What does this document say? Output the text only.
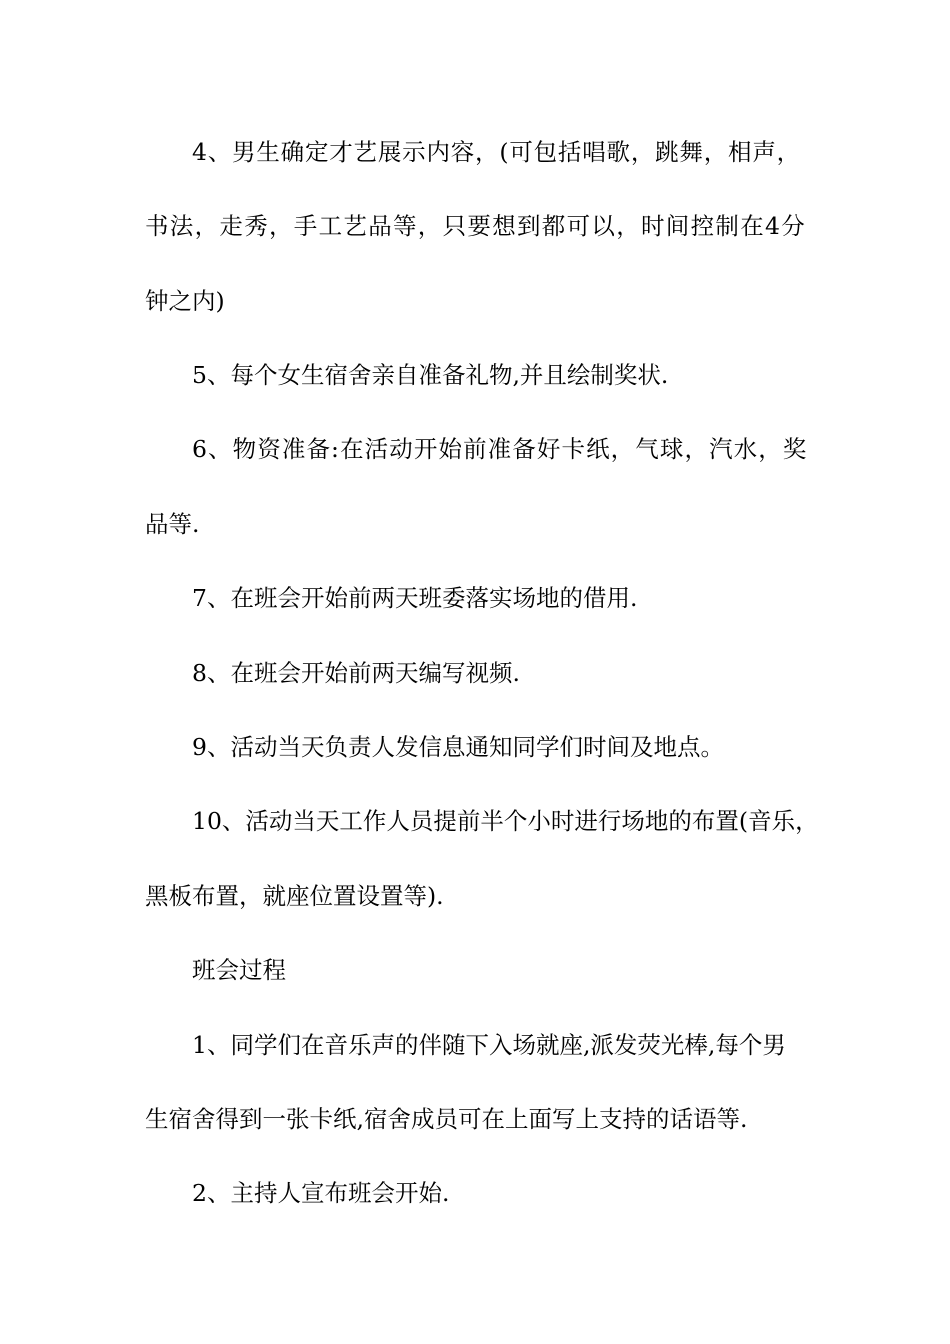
4、男生确定才艺展示内容，(可包括唱歌，跳舞，相声，
书法，走秀，手工艺品等，只要想到都可以，时间控制在4分
钟之内)
5、每个女生宿舍亲自准备礼物,并且绘制奖状.
6、物资准备:在活动开始前准备好卡纸，气球，汽水，奖
品等.
7、在班会开始前两天班委落实场地的借用.
8、在班会开始前两天编写视频.
9、活动当天负责人发信息通知同学们时间及地点。
10、活动当天工作人员提前半个小时进行场地的布置(音乐，
黑板布置，就座位置设置等).
班会过程
1、同学们在音乐声的伴随下入场就座,派发荧光棒,每个男
生宿舍得到一张卡纸,宿舍成员可在上面写上支持的话语等.
2、主持人宣布班会开始.
